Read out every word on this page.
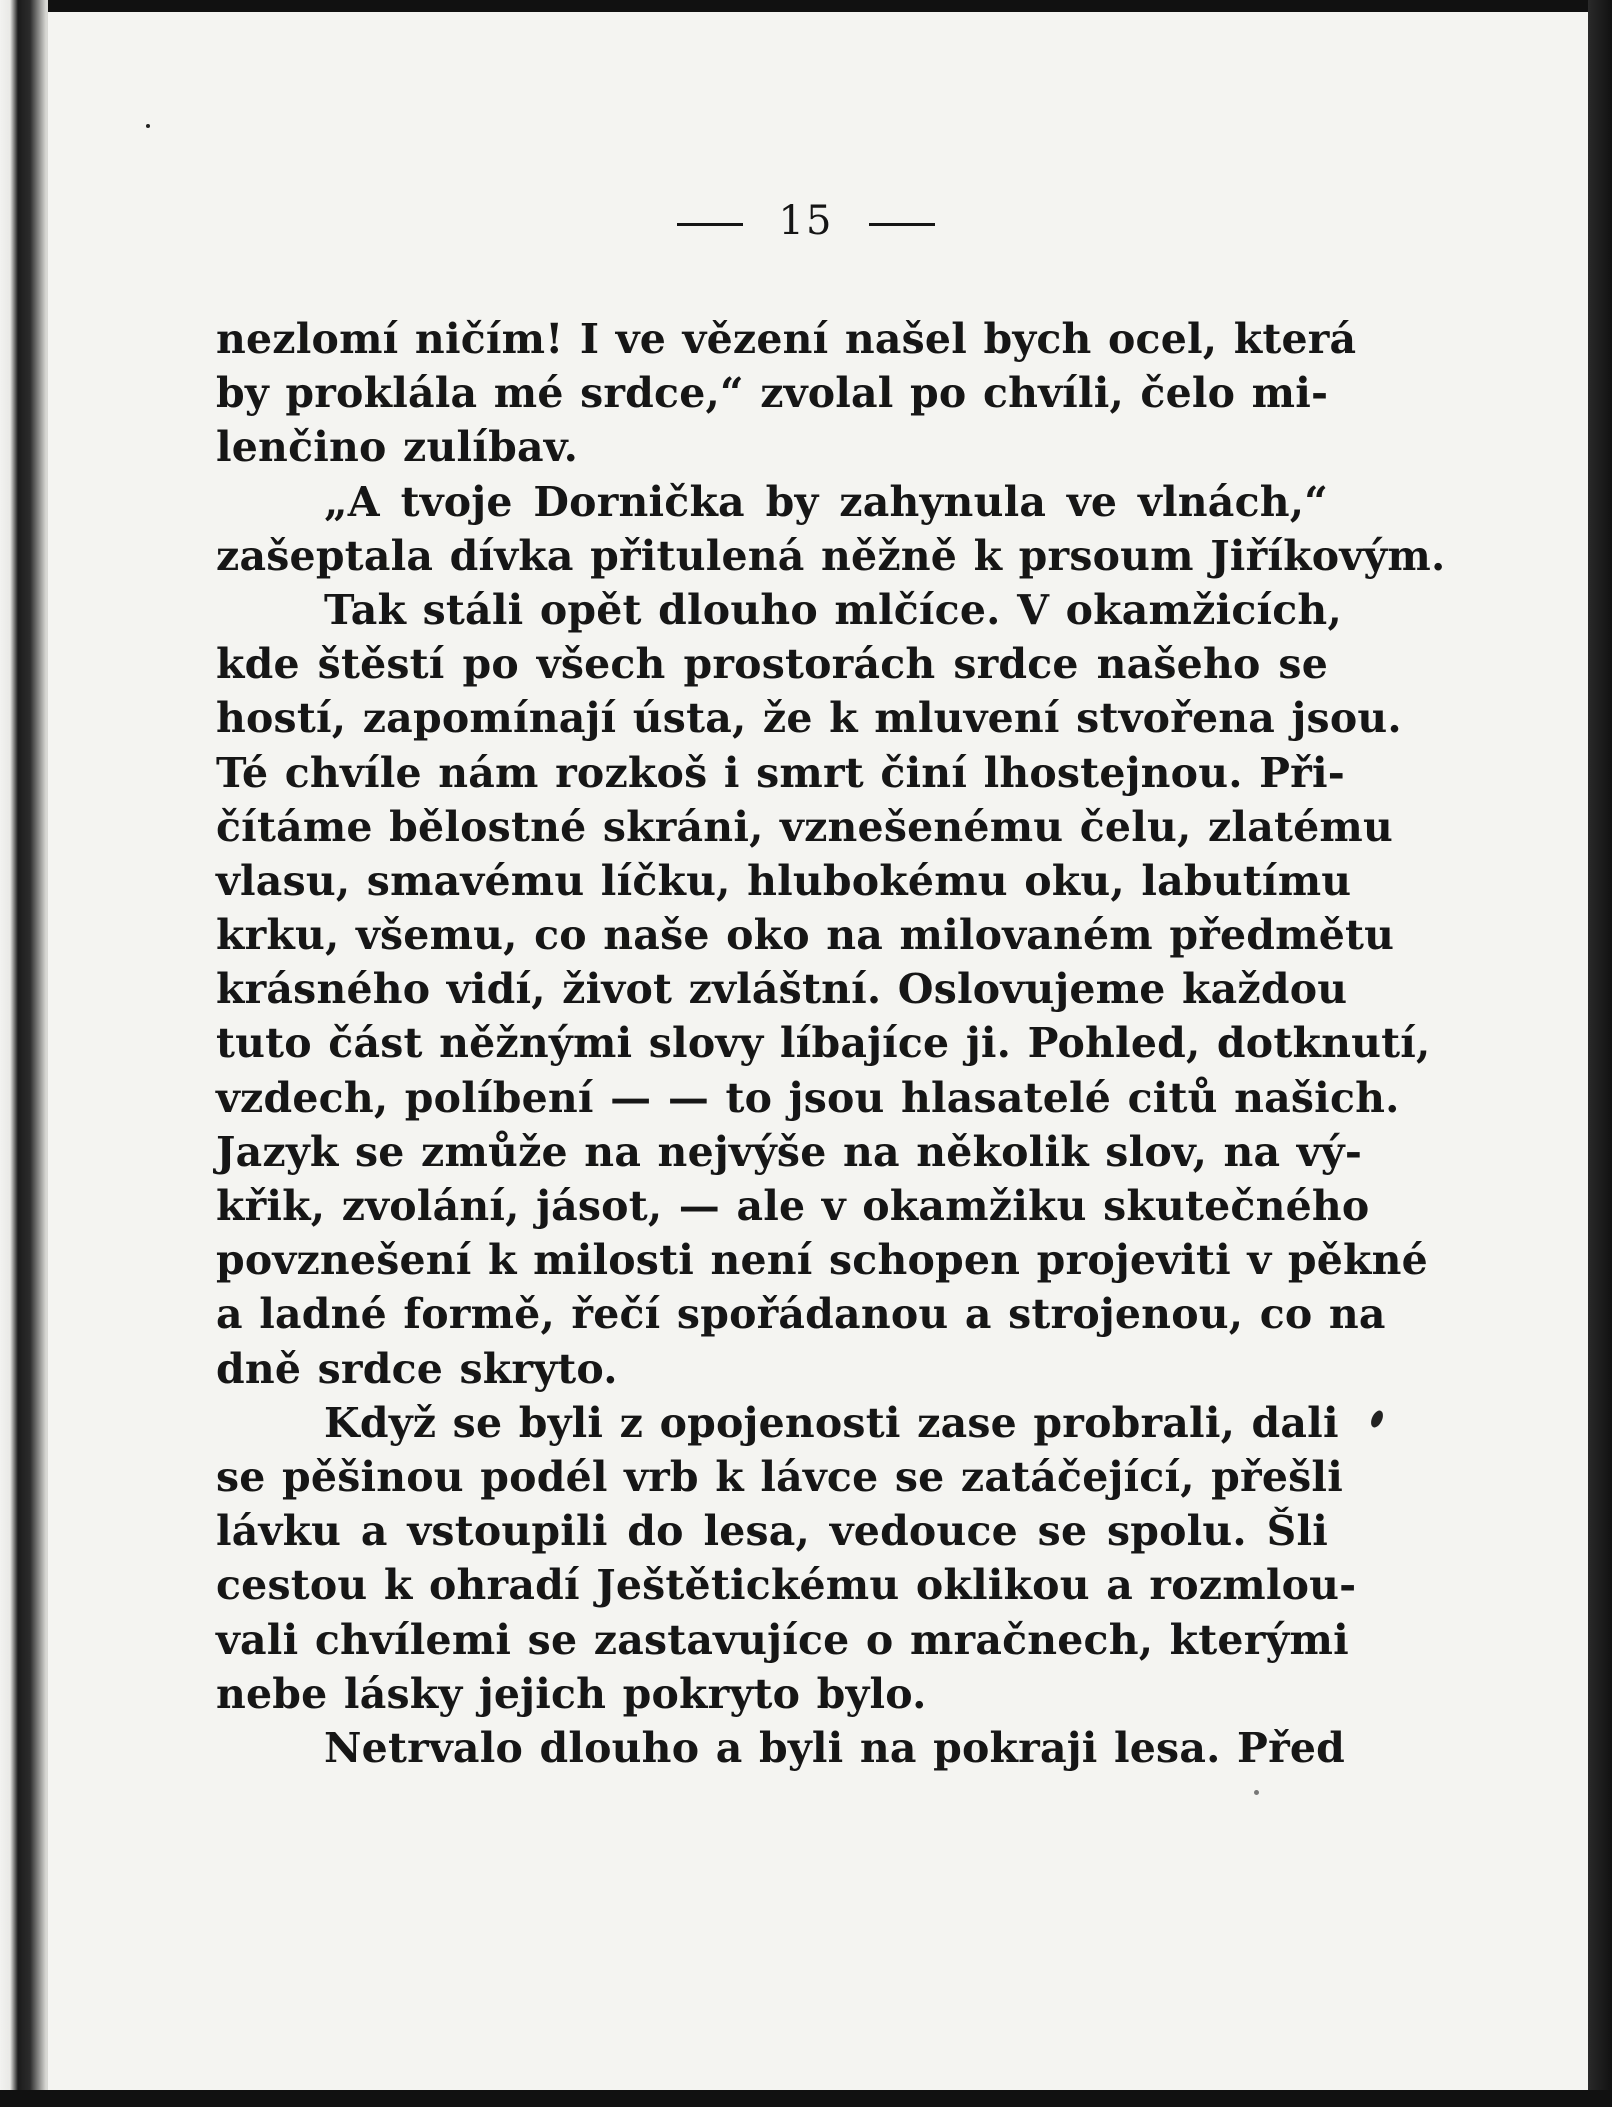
15
nezlomí ničím! I ve vězení našel bych ocel, která
by proklála mé srdce,“ zvolal po chvíli, čelo mi-
lenčino zulíbav.
„A tvoje Dornička by zahynula ve vlnách,“
zašeptala dívka přitulená něžně k prsoum Jiříkovým.
Tak stáli opět dlouho mlčíce. V okamžicích,
kde štěstí po všech prostorách srdce našeho se
hostí, zapomínají ústa, že k mluvení stvořena jsou.
Té chvíle nám rozkoš i smrt činí lhostejnou. Při-
čítáme bělostné skráni, vznešenému čelu, zlatému
vlasu, smavému líčku, hlubokému oku, labutímu
krku, všemu, co naše oko na milovaném předmětu
krásného vidí, život zvláštní. Oslovujeme každou
tuto část něžnými slovy líbajíce ji. Pohled, dotknutí,
vzdech, políbení — — to jsou hlasatelé citů našich.
Jazyk se zmůže na nejvýše na několik slov, na vý-
křik, zvolání, jásot, — ale v okamžiku skutečného
povznešení k milosti není schopen projeviti v pěkné
a ladné formě, řečí spořádanou a strojenou, co na
dně srdce skryto.
Když se byli z opojenosti zase probrali, dali
se pěšinou podél vrb k lávce se zatáčející, přešli
lávku a vstoupili do lesa, vedouce se spolu. Šli
cestou k ohradí Ještětickému oklikou a rozmlou-
vali chvílemi se zastavujíce o mračnech, kterými
nebe lásky jejich pokryto bylo.
Netrvalo dlouho a byli na pokraji lesa. Před
